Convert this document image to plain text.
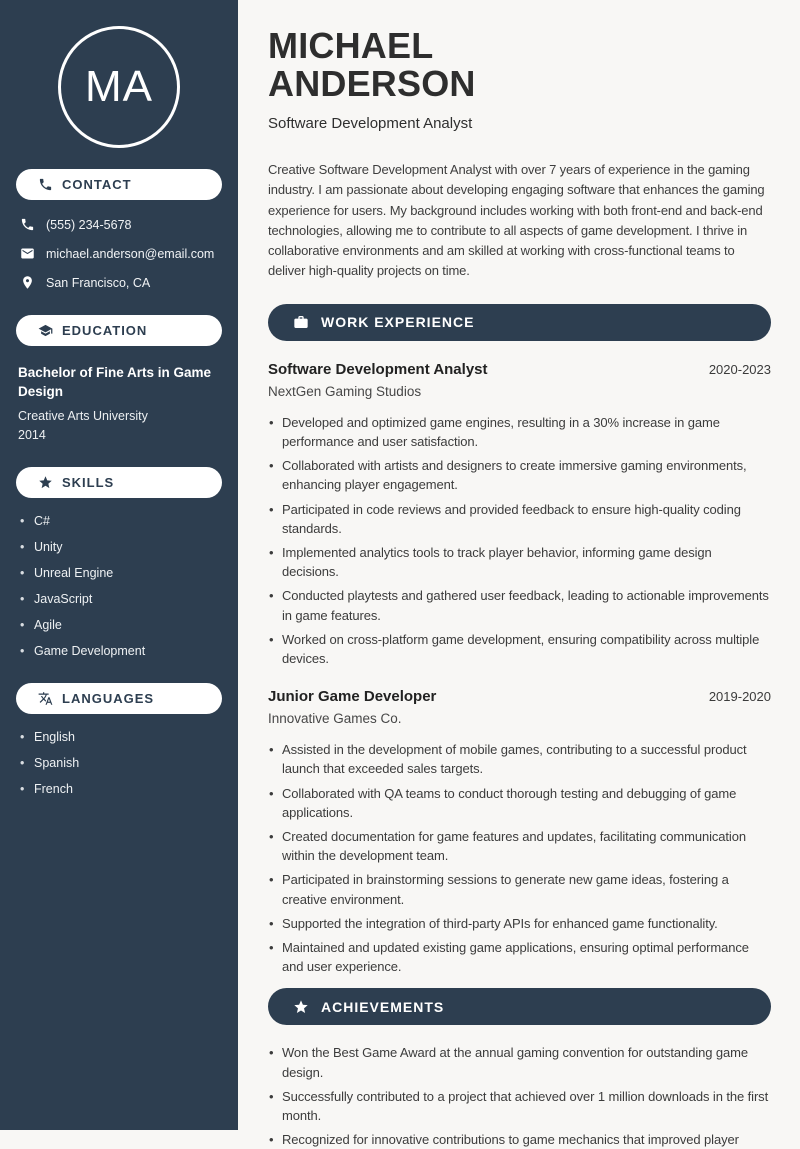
MA
CONTACT
(555) 234-5678
michael.anderson@email.com
San Francisco, CA
EDUCATION
Bachelor of Fine Arts in Game Design
Creative Arts University
2014
SKILLS
• C#
• Unity
• Unreal Engine
• JavaScript
• Agile
• Game Development
LANGUAGES
• English
• Spanish
• French
MICHAEL
ANDERSON
Software Development Analyst

Creative Software Development Analyst with over 7 years of experience in the gaming industry. I am passionate about developing engaging software that enhances the gaming experience for users. My background includes working with both front-end and back-end technologies, allowing me to contribute to all aspects of game development. I thrive in collaborative environments and am skilled at working with cross-functional teams to deliver high-quality projects on time.

WORK EXPERIENCE
Software Development Analyst	2020-2023
NextGen Gaming Studios
• Developed and optimized game engines, resulting in a 30% increase in game performance and user satisfaction.
• Collaborated with artists and designers to create immersive gaming environments, enhancing player engagement.
• Participated in code reviews and provided feedback to ensure high-quality coding standards.
• Implemented analytics tools to track player behavior, informing game design decisions.
• Conducted playtests and gathered user feedback, leading to actionable improvements in game features.
• Worked on cross-platform game development, ensuring compatibility across multiple devices.
Junior Game Developer	2019-2020
Innovative Games Co.
• Assisted in the development of mobile games, contributing to a successful product launch that exceeded sales targets.
• Collaborated with QA teams to conduct thorough testing and debugging of game applications.
• Created documentation for game features and updates, facilitating communication within the development team.
• Participated in brainstorming sessions to generate new game ideas, fostering a creative environment.
• Supported the integration of third-party APIs for enhanced game functionality.
• Maintained and updated existing game applications, ensuring optimal performance and user experience.
ACHIEVEMENTS
• Won the Best Game Award at the annual gaming convention for outstanding game design.
• Successfully contributed to a project that achieved over 1 million downloads in the first month.
• Recognized for innovative contributions to game mechanics that improved player
